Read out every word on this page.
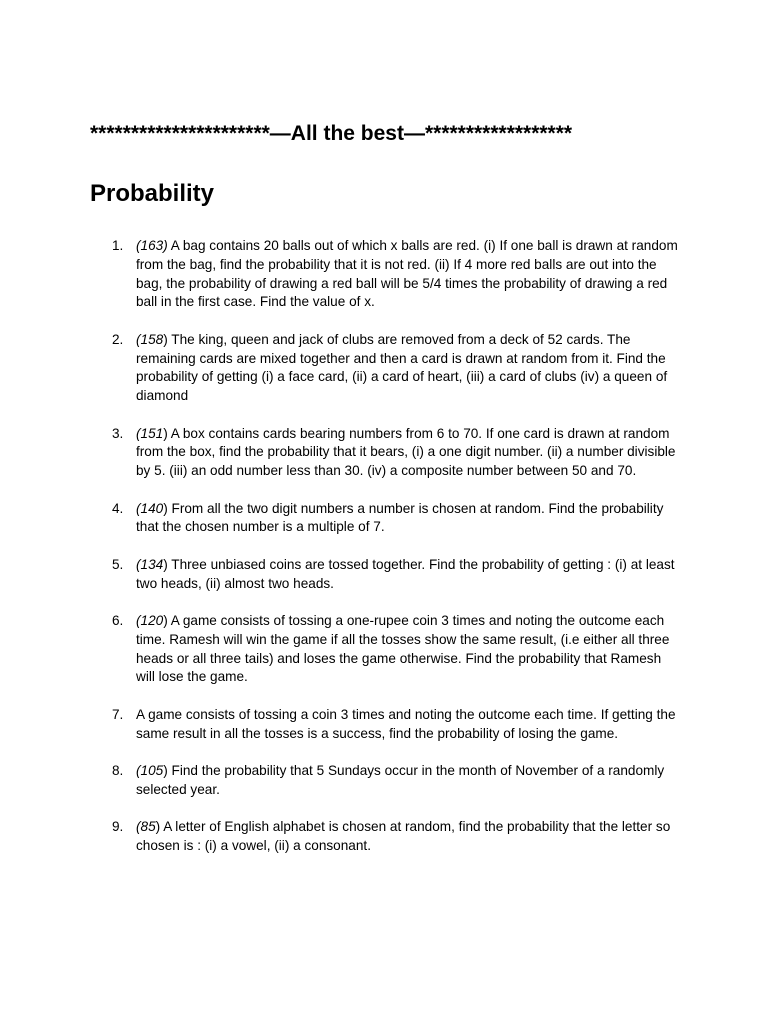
**********************—All the best—******************
Probability
1. (163) A bag contains 20 balls out of which x balls are red. (i) If one ball is drawn at random from the bag, find the probability that it is not red. (ii) If 4 more red balls are out into the bag, the probability of drawing a red ball will be 5/4 times the probability of drawing a red ball in the first case. Find the value of x.
2. (158) The king, queen and jack of clubs are removed from a deck of 52 cards. The remaining cards are mixed together and then a card is drawn at random from it. Find the probability of getting (i) a face card, (ii) a card of heart, (iii) a card of clubs (iv) a queen of diamond
3. (151) A box contains cards bearing numbers from 6 to 70. If one card is drawn at random from the box, find the probability that it bears, (i) a one digit number. (ii) a number divisible by 5. (iii) an odd number less than 30. (iv) a composite number between 50 and 70.
4. (140) From all the two digit numbers a number is chosen at random. Find the probability that the chosen number is a multiple of 7.
5. (134) Three unbiased coins are tossed together. Find the probability of getting : (i) at least two heads, (ii) almost two heads.
6. (120) A game consists of tossing a one-rupee coin 3 times and noting the outcome each time. Ramesh will win the game if all the tosses show the same result, (i.e either all three heads or all three tails) and loses the game otherwise. Find the probability that Ramesh will lose the game.
7. A game consists of tossing a coin 3 times and noting the outcome each time. If getting the same result in all the tosses is a success, find the probability of losing the game.
8. (105) Find the probability that 5 Sundays occur in the month of November of a randomly selected year.
9. (85) A letter of English alphabet is chosen at random, find the probability that the letter so chosen is : (i) a vowel, (ii) a consonant.
